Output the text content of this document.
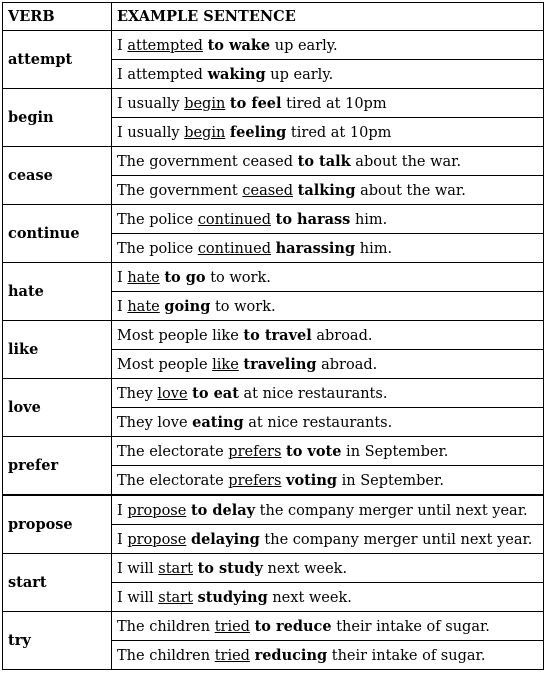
VERB	EXAMPLE SENTENCE
attempt	I attempted to wake up early.
	I attempted waking up early.
begin	I usually begin to feel tired at 10pm
	I usually begin feeling tired at 10pm
cease	The government ceased to talk about the war.
	The government ceased talking about the war.
continue	The police continued to harass him.
	The police continued harassing him.
hate	I hate to go to work.
	I hate going to work.
like	Most people like to travel abroad.
	Most people like traveling abroad.
love	They love to eat at nice restaurants.
	They love eating at nice restaurants.
prefer	The electorate prefers to vote in September.
	The electorate prefers voting in September.
propose	I propose to delay the company merger until next year.
	I propose delaying the company merger until next year.
start	I will start to study next week.
	I will start studying next week.
try	The children tried to reduce their intake of sugar.
	The children tried reducing their intake of sugar.
